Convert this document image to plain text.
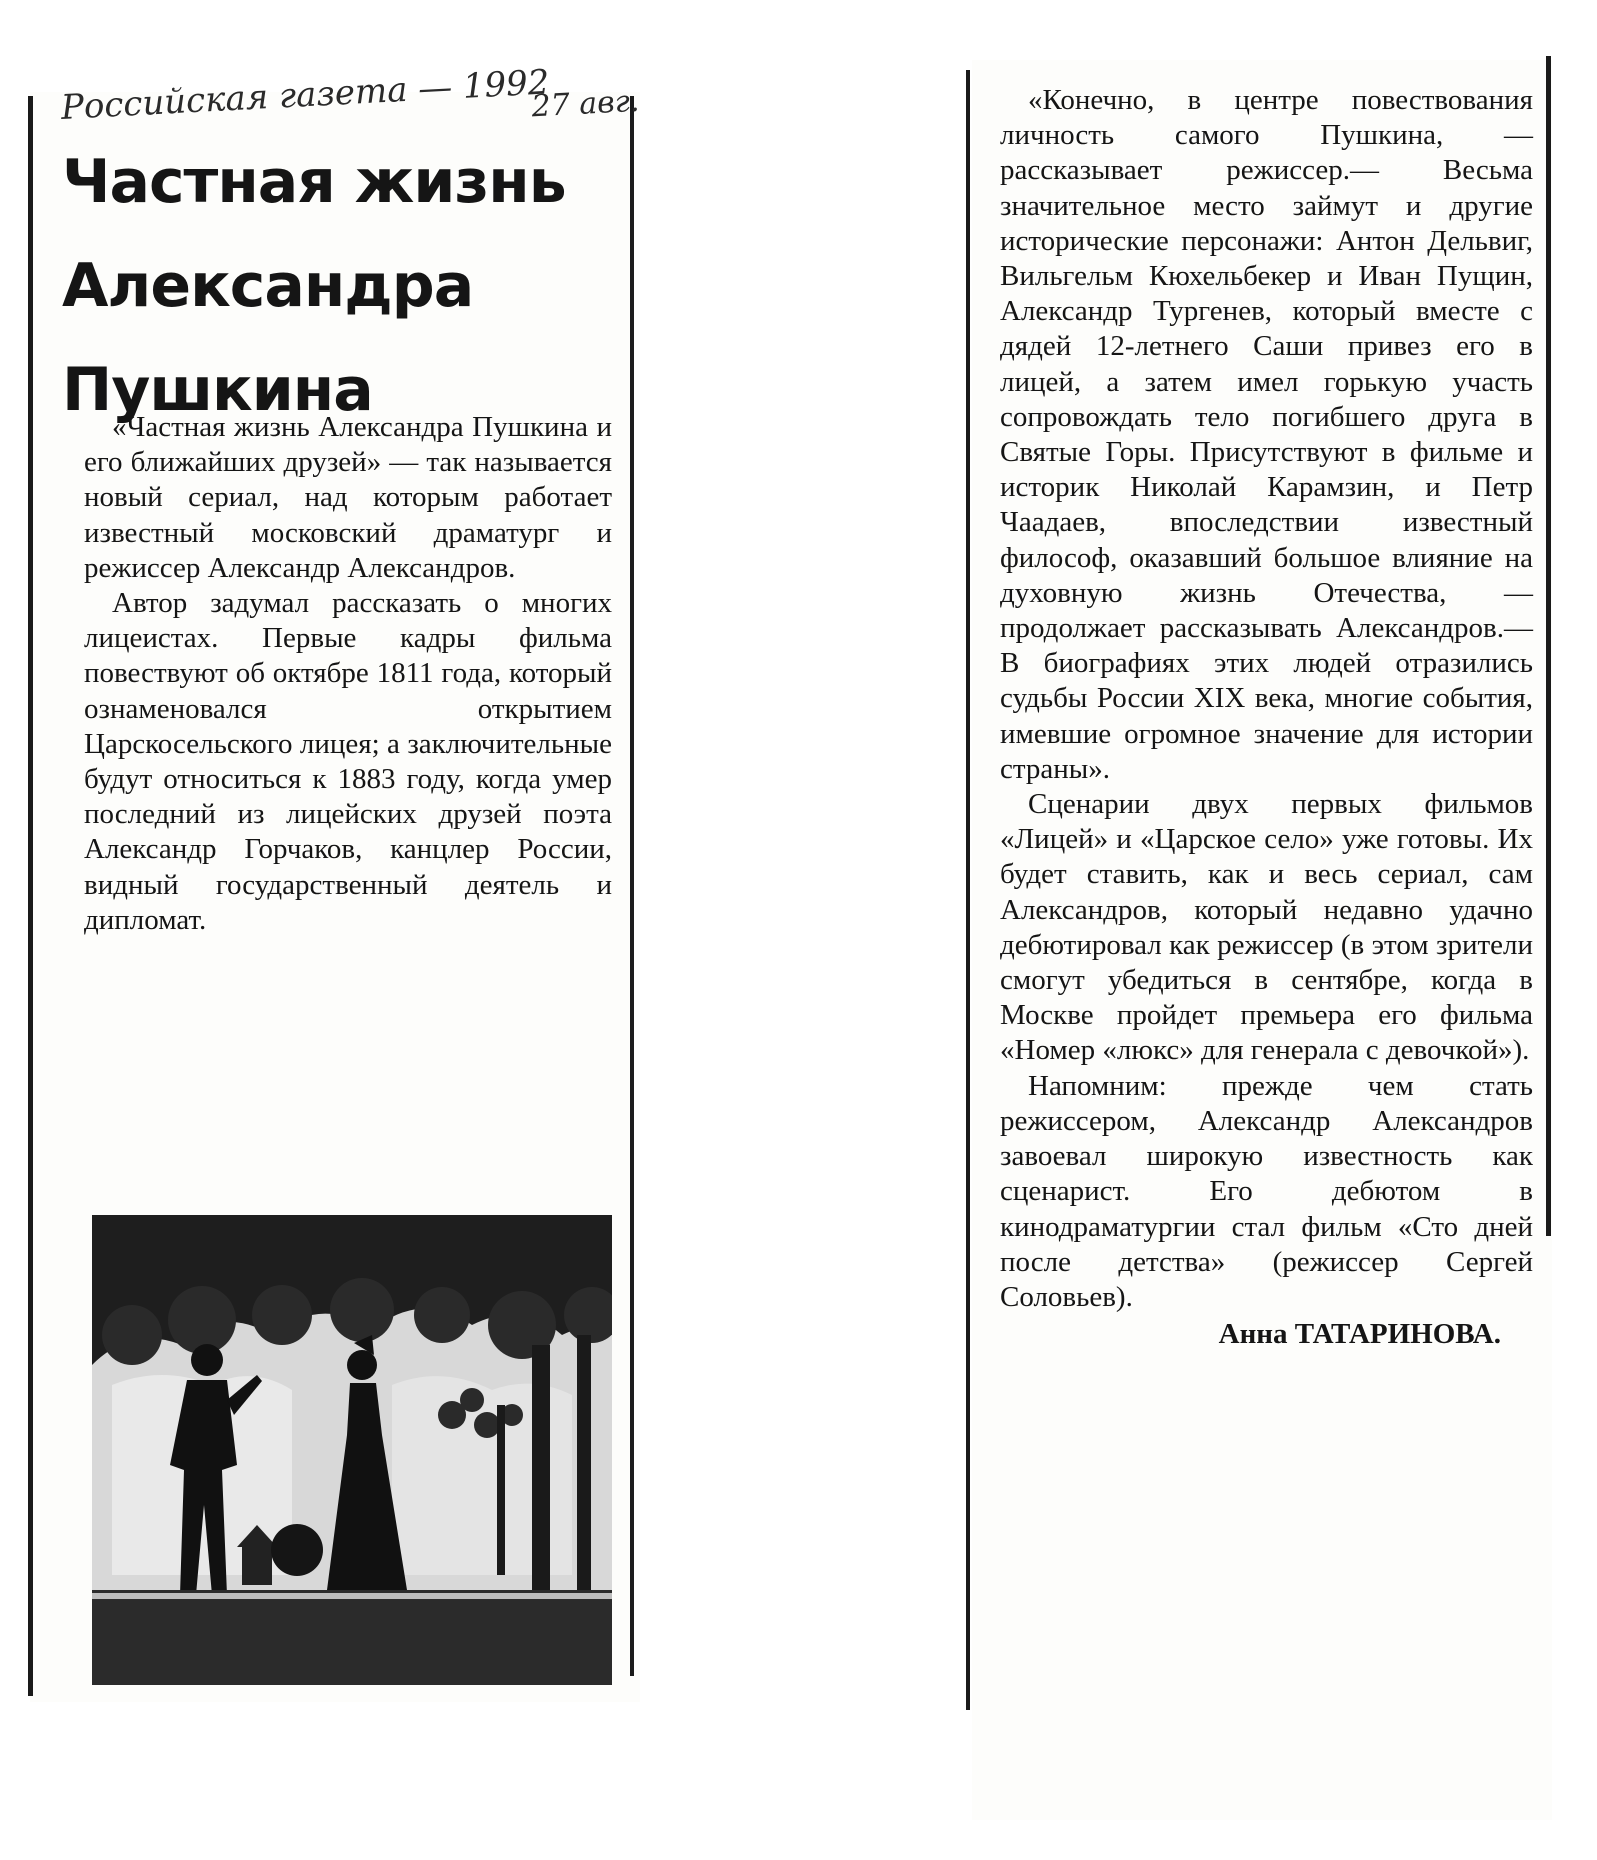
Российская газета — 1992
27 авг.
Частная жизнь
Александра
Пушкина

«Частная жизнь Александра Пушкина и его ближайших друзей» — так называется новый сериал, над которым работает известный московский драматург и режиссер Александр Александров.

Автор задумал рассказать о многих лицеистах. Первые кадры фильма повествуют об октябре 1811 года, который ознаменовался открытием Царскосельского лицея; а заключительные будут относиться к 1883 году, когда умер последний из лицейских друзей поэта Александр Горчаков, канцлер России, видный государственный деятель и дипломат.

«Конечно, в центре повествования личность самого Пушкина, — рассказывает режиссер.— Весьма значительное место займут и другие исторические персонажи: Антон Дельвиг, Вильгельм Кюхельбекер и Иван Пущин, Александр Тургенев, который вместе с дядей 12-летнего Саши привез его в лицей, а затем имел горькую участь сопровождать тело погибшего друга в Святые Горы. Присутствуют в фильме и историк Николай Карамзин, и Петр Чаадаев, впоследствии известный философ, оказавший большое влияние на духовную жизнь Отечества, — продолжает рассказывать Александров.— В биографиях этих людей отразились судьбы России XIX века, многие события, имевшие огромное значение для истории страны».

Сценарии двух первых фильмов «Лицей» и «Царское село» уже готовы. Их будет ставить, как и весь сериал, сам Александров, который недавно удачно дебютировал как режиссер (в этом зрители смогут убедиться в сентябре, когда в Москве пройдет премьера его фильма «Номер «люкс» для генерала с девочкой»).

Напомним: прежде чем стать режиссером, Александр Александров завоевал широкую известность как сценарист. Его дебютом в кинодраматургии стал фильм «Сто дней после детства» (режиссер Сергей Соловьев).

Анна ТАТАРИНОВА.
